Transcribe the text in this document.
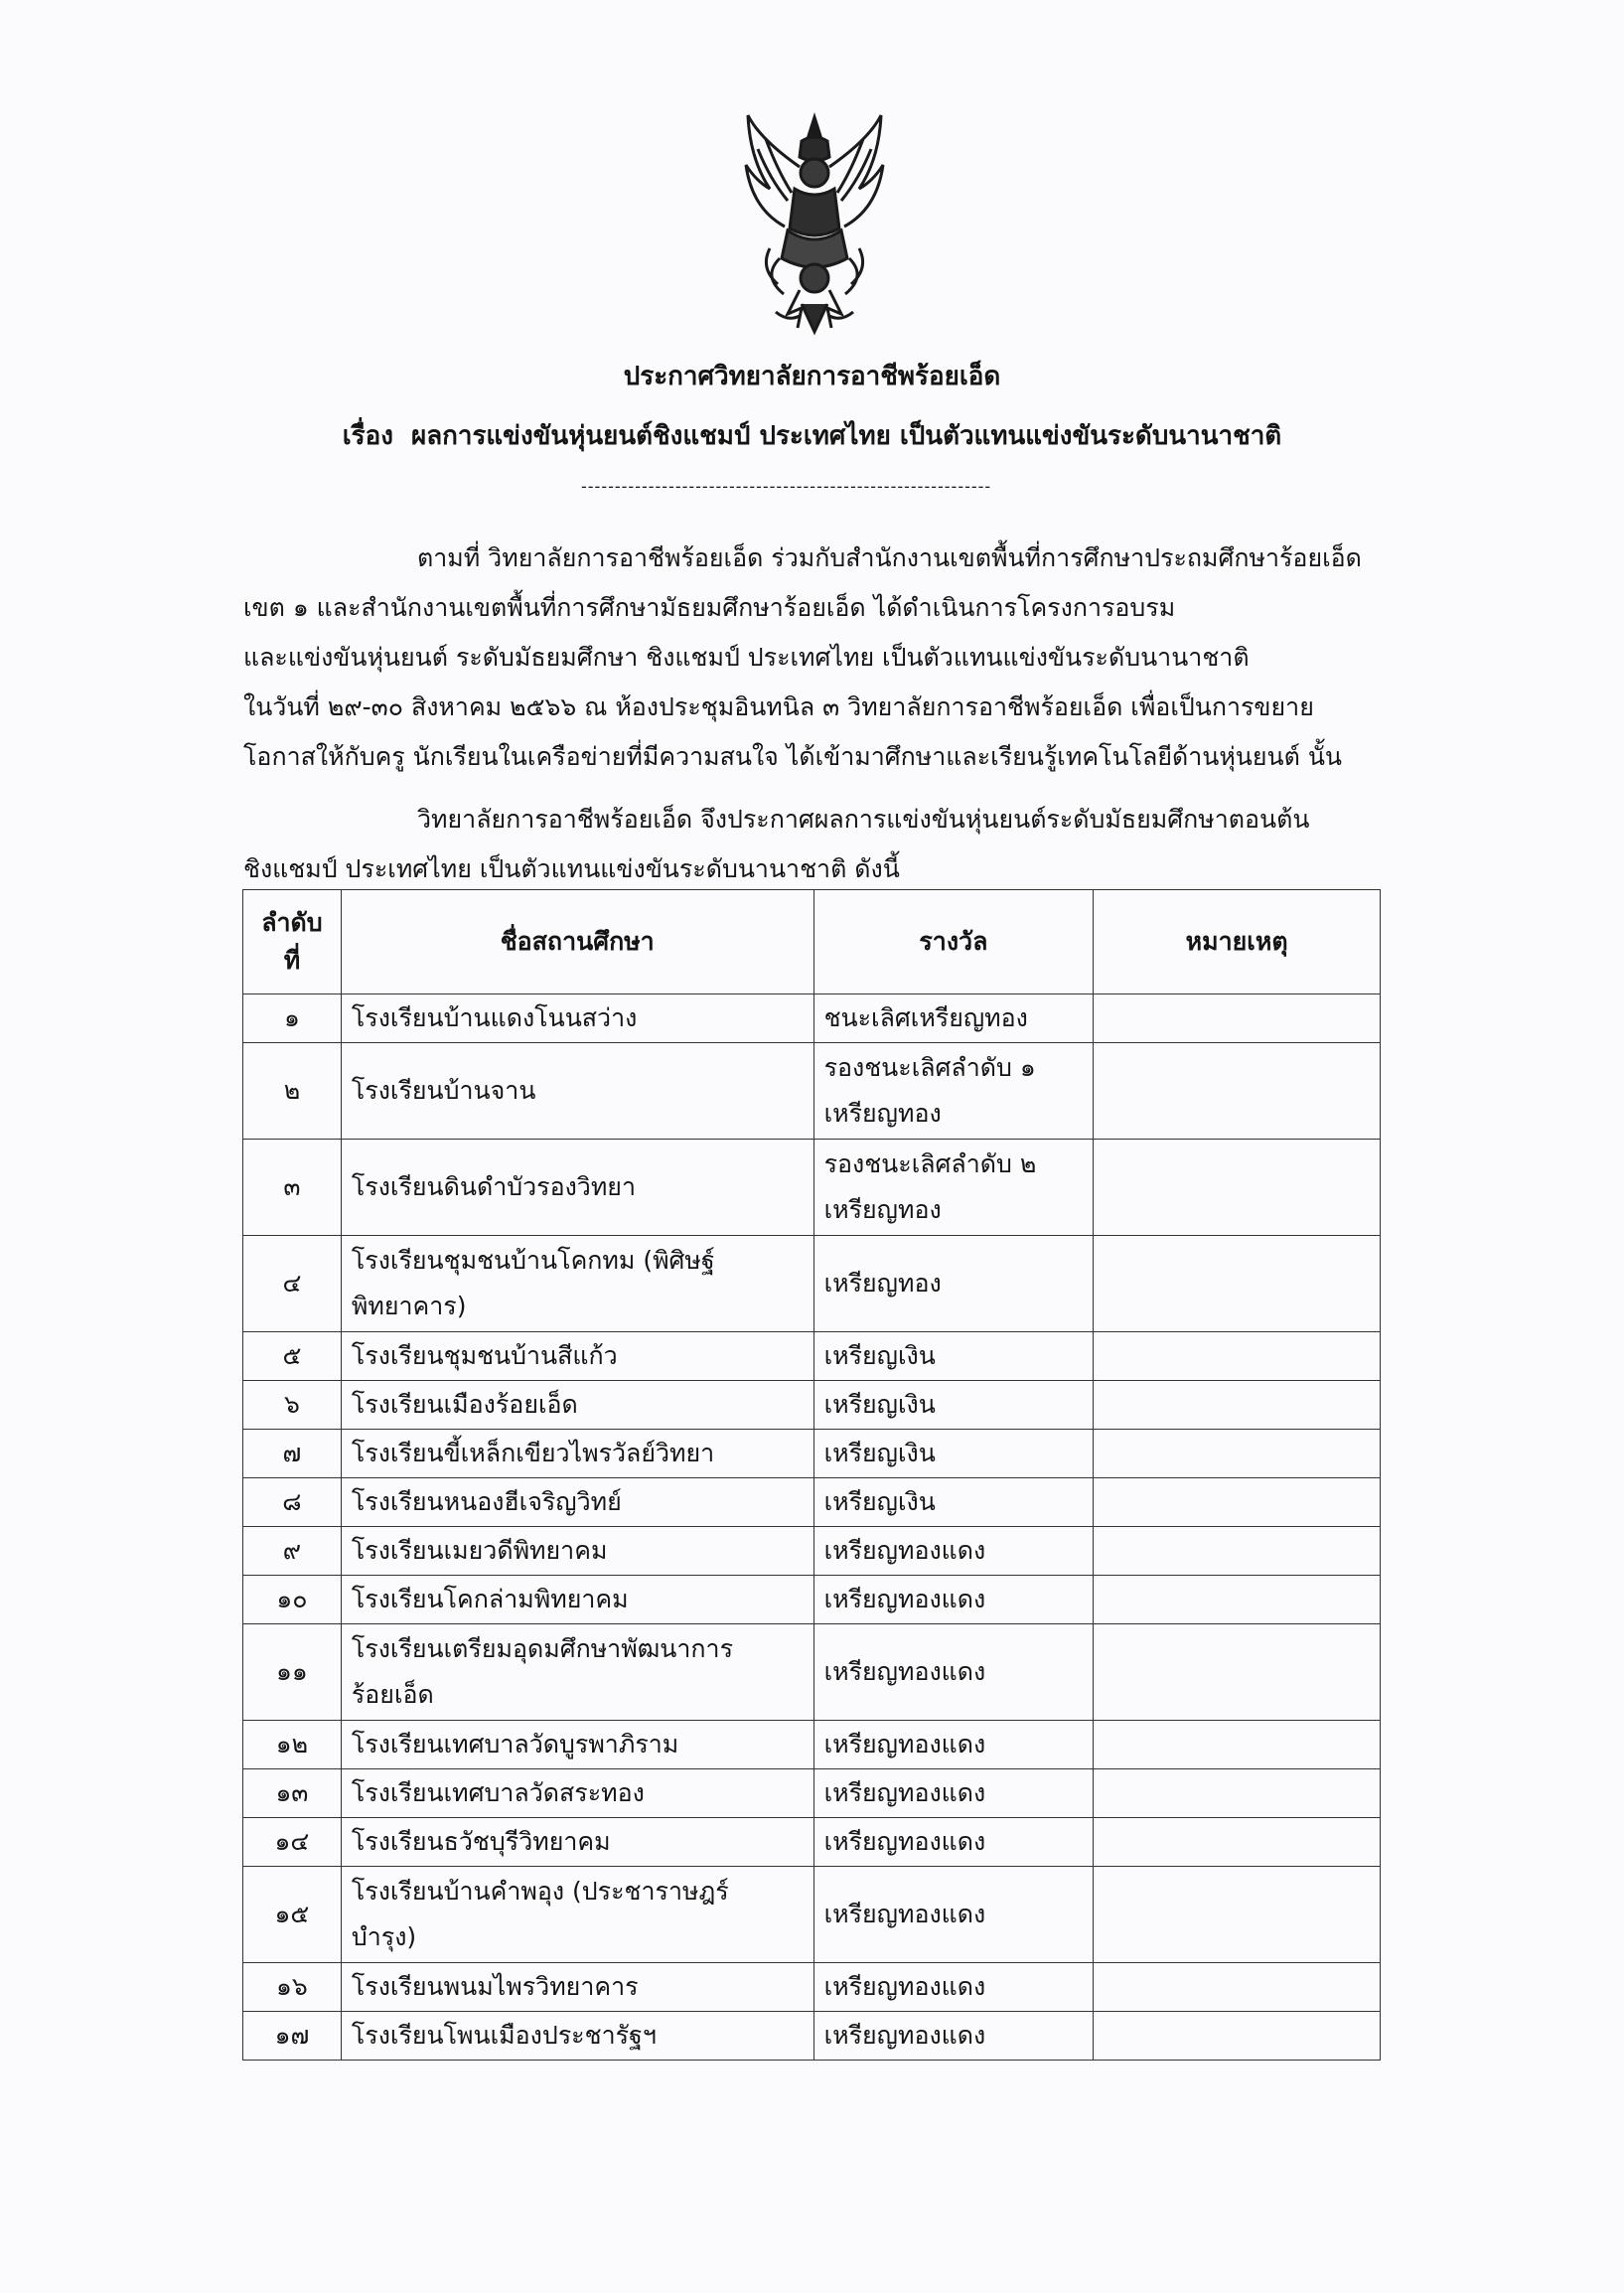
ประกาศวิทยาลัยการอาชีพร้อยเอ็ด
เรื่อง ผลการแข่งขันหุ่นยนต์ชิงแชมป์ ประเทศไทย เป็นตัวแทนแข่งขันระดับนานาชาติ
-------------------------------------------------------------
ตามที่ วิทยาลัยการอาชีพร้อยเอ็ด ร่วมกับสำนักงานเขตพื้นที่การศึกษาประถมศึกษาร้อยเอ็ด
เขต ๑ และสำนักงานเขตพื้นที่การศึกษามัธยมศึกษาร้อยเอ็ด ได้ดำเนินการโครงการอบรม
และแข่งขันหุ่นยนต์ ระดับมัธยมศึกษา ชิงแชมป์ ประเทศไทย เป็นตัวแทนแข่งขันระดับนานาชาติ
ในวันที่ ๒๙-๓๐ สิงหาคม ๒๕๖๖ ณ ห้องประชุมอินทนิล ๓ วิทยาลัยการอาชีพร้อยเอ็ด เพื่อเป็นการขยาย
โอกาสให้กับครู นักเรียนในเครือข่ายที่มีความสนใจ ได้เข้ามาศึกษาและเรียนรู้เทคโนโลยีด้านหุ่นยนต์ นั้น
วิทยาลัยการอาชีพร้อยเอ็ด จึงประกาศผลการแข่งขันหุ่นยนต์ระดับมัธยมศึกษาตอนต้น
ชิงแชมป์ ประเทศไทย เป็นตัวแทนแข่งขันระดับนานาชาติ ดังนี้
ลำดับ
ที่	ชื่อสถานศึกษา	รางวัล	หมายเหตุ
๑	โรงเรียนบ้านแดงโนนสว่าง	ชนะเลิศเหรียญทอง	
๒	โรงเรียนบ้านจาน	รองชนะเลิศลำดับ ๑
เหรียญทอง	
๓	โรงเรียนดินดำบัวรองวิทยา	รองชนะเลิศลำดับ ๒
เหรียญทอง	
๔	โรงเรียนชุมชนบ้านโคกทม (พิศิษฐ์
พิทยาคาร)	เหรียญทอง	
๕	โรงเรียนชุมชนบ้านสีแก้ว	เหรียญเงิน	
๖	โรงเรียนเมืองร้อยเอ็ด	เหรียญเงิน	
๗	โรงเรียนขี้เหล็กเขียวไพรวัลย์วิทยา	เหรียญเงิน	
๘	โรงเรียนหนองฮีเจริญวิทย์	เหรียญเงิน	
๙	โรงเรียนเมยวดีพิทยาคม	เหรียญทองแดง	
๑๐	โรงเรียนโคกล่ามพิทยาคม	เหรียญทองแดง	
๑๑	โรงเรียนเตรียมอุดมศึกษาพัฒนาการ
ร้อยเอ็ด	เหรียญทองแดง	
๑๒	โรงเรียนเทศบาลวัดบูรพาภิราม	เหรียญทองแดง	
๑๓	โรงเรียนเทศบาลวัดสระทอง	เหรียญทองแดง	
๑๔	โรงเรียนธวัชบุรีวิทยาคม	เหรียญทองแดง	
๑๕	โรงเรียนบ้านคำพอุง (ประชาราษฎร์
บำรุง)	เหรียญทองแดง	
๑๖	โรงเรียนพนมไพรวิทยาคาร	เหรียญทองแดง	
๑๗	โรงเรียนโพนเมืองประชารัฐฯ	เหรียญทองแดง	
